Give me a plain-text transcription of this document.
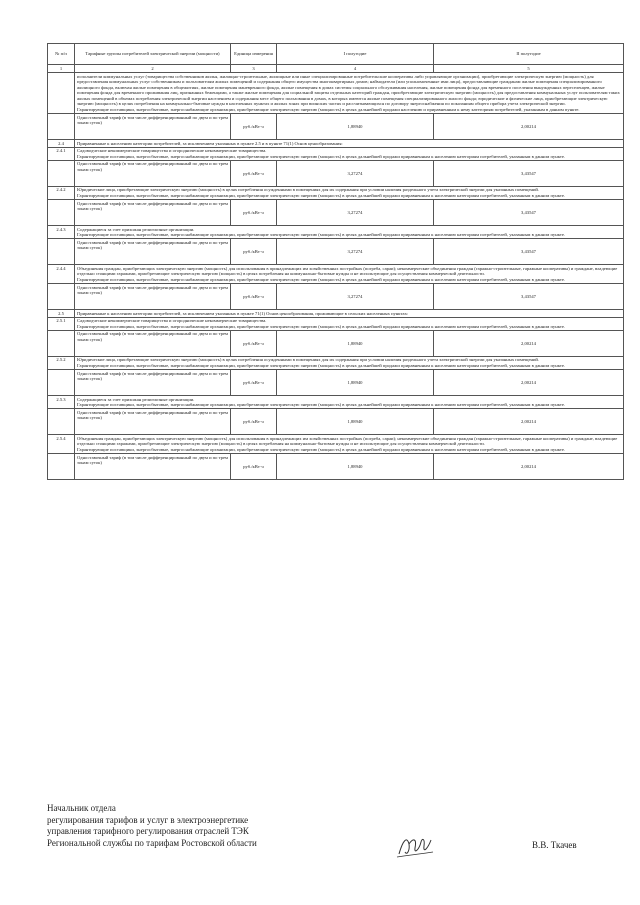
№ п/п	Тарифные группы потребителей электрической энергии (мощности)	Единица измерения	I полугодие	II полугодие
1	2	3	4	5

	исполнители коммунальных услуг (товарищества собственников жилья, жилищно-строительные, жилищные или иные специализированные потребительские кооперативы либо управляющие организации), приобретающие электрическую энергию (мощность) для предоставления коммунальных услуг собственникам и пользователям жилых помещений и содержания общего имущества многоквартирных домов; наймодатели (или уполномоченные ими лица), предоставляющие гражданам жилые помещения специализированного жилищного фонда, включая жилые помещения в общежитиях, жилые помещения маневренного фонда, жилые помещения в домах системы социального обслуживания населения, жилые помещения фонда для временного поселения вынужденных переселенцев, жилые помещения фонда для временного проживания лиц, признанных беженцами, а также жилые помещения для социальной защиты отдельных категорий граждан, приобретающие электрическую энергию (мощность) для предоставления коммунальных услуг пользователям таких жилых помещений в объемах потребления электрической энергии населением и содержания мест общего пользования в домах, в которых имеются жилые помещения специализированного жилого фонда; юридические и физические лица, приобретающие электрическую энергию (мощность) в целях потребления на коммунально-бытовые нужды в населенных пунктах и жилых зонах при воинских частях и рассчитывающихся по договору энергоснабжения по показаниям общего прибора учета электрической энергии.
Гарантирующие поставщики, энергосбытовые, энергоснабжающие организации, приобретающие электрическую энергию (мощность) в целях дальнейшей продажи населению и приравненным к нему категориям потребителей, указанным в данном пункте.			

	Одноставочный тариф (в том числе дифференцированный по двум и по трем зонам суток)	руб./кВт·ч	1,88940	2,00214
2.4	Приравненные к населению категории потребителей, за исключением указанных в пункте 2.5 и в пункте 71(1) Основ ценообразования:			
2.4.1	Садоводческие некоммерческие товарищества и огороднические некоммерческие товарищества.
Гарантирующие поставщики, энергосбытовые, энергоснабжающие организации, приобретающие электрическую энергию (мощность) в целях дальнейшей продажи приравненным к населению категориям потребителей, указанным в данном пункте.			
	Одноставочный тариф (в том числе дифференцированный по двум и по трем зонам суток)	руб./кВт·ч	3,27274	3,43547
2.4.2	Юридические лица, приобретающие электрическую энергию (мощность) в целях потребления осужденными в помещениях для их содержания при условии наличия раздельного учета электрической энергии для указанных помещений.
Гарантирующие поставщики, энергосбытовые, энергоснабжающие организации, приобретающие электрическую энергию (мощность) в целях дальнейшей продажи приравненным к населению категориям потребителей, указанным в данном пункте.			
	Одноставочный тариф (в том числе дифференцированный по двум и по трем зонам суток)	руб./кВт·ч	3,27274	3,43547
2.4.3	Содержащиеся за счет прихожан религиозные организации.
Гарантирующие поставщики, энергосбытовые, энергоснабжающие организации, приобретающие электрическую энергию (мощность) в целях дальнейшей продажи приравненным к населению категориям потребителей, указанным в данном пункте.			
	Одноставочный тариф (в том числе дифференцированный по двум и по трем зонам суток)	руб./кВт·ч	3,27274	3,43547
2.4.4	Объединения граждан, приобретающих электрическую энергию (мощность) для использования в принадлежащих им хозяйственных постройках (погреба, сараи); некоммерческие объединения граждан (гаражно-строительные, гаражные кооперативы) и граждане, владеющие отдельно стоящими гаражами, приобретающие электрическую энергию (мощность) в целях потребления на коммунально-бытовые нужды и не использующие для осуществления коммерческой деятельности.
Гарантирующие поставщики, энергосбытовые, энергоснабжающие организации, приобретающие электрическую энергию (мощность) в целях дальнейшей продажи приравненным к населению категориям потребителей, указанным в данном пункте.			
	Одноставочный тариф (в том числе дифференцированный по двум и по трем зонам суток)	руб./кВт·ч	3,27274	3,43547
2.5	Приравненные к населению категории потребителей, за исключением указанных в пункте 71(1) Основ ценообразования, проживающие в сельских населенных пунктах:			
2.5.1	Садоводческие некоммерческие товарищества и огороднические некоммерческие товарищества.
Гарантирующие поставщики, энергосбытовые, энергоснабжающие организации, приобретающие электрическую энергию (мощность) в целях дальнейшей продажи приравненным к населению категориям потребителей, указанным в данном пункте.			
	Одноставочный тариф (в том числе дифференцированный по двум и по трем зонам суток)	руб./кВт·ч	1,88940	2,00214
2.5.2	Юридические лица, приобретающие электрическую энергию (мощность) в целях потребления осужденными в помещениях для их содержания при условии наличия раздельного учета электрической энергии для указанных помещений.
Гарантирующие поставщики, энергосбытовые, энергоснабжающие организации, приобретающие электрическую энергию (мощность) в целях дальнейшей продажи приравненным к населению категориям потребителей, указанным в данном пункте.			
	Одноставочный тариф (в том числе дифференцированный по двум и по трем зонам суток)	руб./кВт·ч	1,88940	2,00214
2.5.3	Содержащиеся за счет прихожан религиозные организации.
Гарантирующие поставщики, энергосбытовые, энергоснабжающие организации, приобретающие электрическую энергию (мощность) в целях дальнейшей продажи приравненным к населению категориям потребителей, указанным в данном пункте.			
	Одноставочный тариф (в том числе дифференцированный по двум и по трем зонам суток)	руб./кВт·ч	1,88940	2,00214
2.5.4	Объединения граждан, приобретающих электрическую энергию (мощность) для использования в принадлежащих им хозяйственных постройках (погреба, сараи); некоммерческие объединения граждан (гаражно-строительные, гаражные кооперативы) и граждане, владеющие отдельно стоящими гаражами, приобретающие электрическую энергию (мощность) в целях потребления на коммунально-бытовые нужды и не использующие для осуществления коммерческой деятельности.
Гарантирующие поставщики, энергосбытовые, энергоснабжающие организации, приобретающие электрическую энергию (мощность) в целях дальнейшей продажи приравненным к населению категориям потребителей, указанным в данном пункте.			
	Одноставочный тариф (в том числе дифференцированный по двум и по трем зонам суток)	руб./кВт·ч	1,88940	2,00214
Начальник отдела
регулирования тарифов и услуг в электроэнергетике
управления тарифного регулирования отраслей ТЭК
Региональной службы по тарифам Ростовской области	В.В. Ткачев
